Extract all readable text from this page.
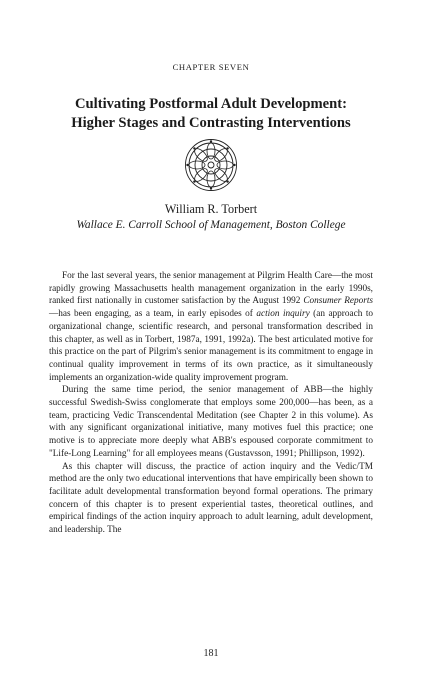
CHAPTER SEVEN
Cultivating Postformal Adult Development:
Higher Stages and Contrasting Interventions
William R. Torbert
Wallace E. Carroll School of Management, Boston College

For the last several years, the senior management at Pilgrim Health Care—the most rapidly growing Massachusetts health management organization in the early 1990s, ranked first nationally in customer satisfaction by the August 1992 Consumer Reports—has been engaging, as a team, in early episodes of action inquiry (an approach to organizational change, scientific research, and personal transformation described in this chapter, as well as in Torbert, 1987a, 1991, 1992a). The best articulated motive for this practice on the part of Pilgrim's senior management is its commitment to engage in continual quality improvement in terms of its own practice, as it simultaneously implements an organization-wide quality improvement program.

During the same time period, the senior management of ABB—the highly successful Swedish-Swiss conglomerate that employs some 200,000—has been, as a team, practicing Vedic Transcendental Meditation (see Chapter 2 in this volume). As with any significant organizational initiative, many motives fuel this practice; one motive is to appreciate more deeply what ABB's espoused corporate commitment to "Life-Long Learning" for all employees means (Gustavsson, 1991; Phillipson, 1992).

As this chapter will discuss, the practice of action inquiry and the Vedic/TM method are the only two educational interventions that have empirically been shown to facilitate adult developmental transformation beyond formal operations. The primary concern of this chapter is to present experiential tastes, theoretical outlines, and empirical findings of the action inquiry approach to adult learning, adult development, and leadership. The

181
